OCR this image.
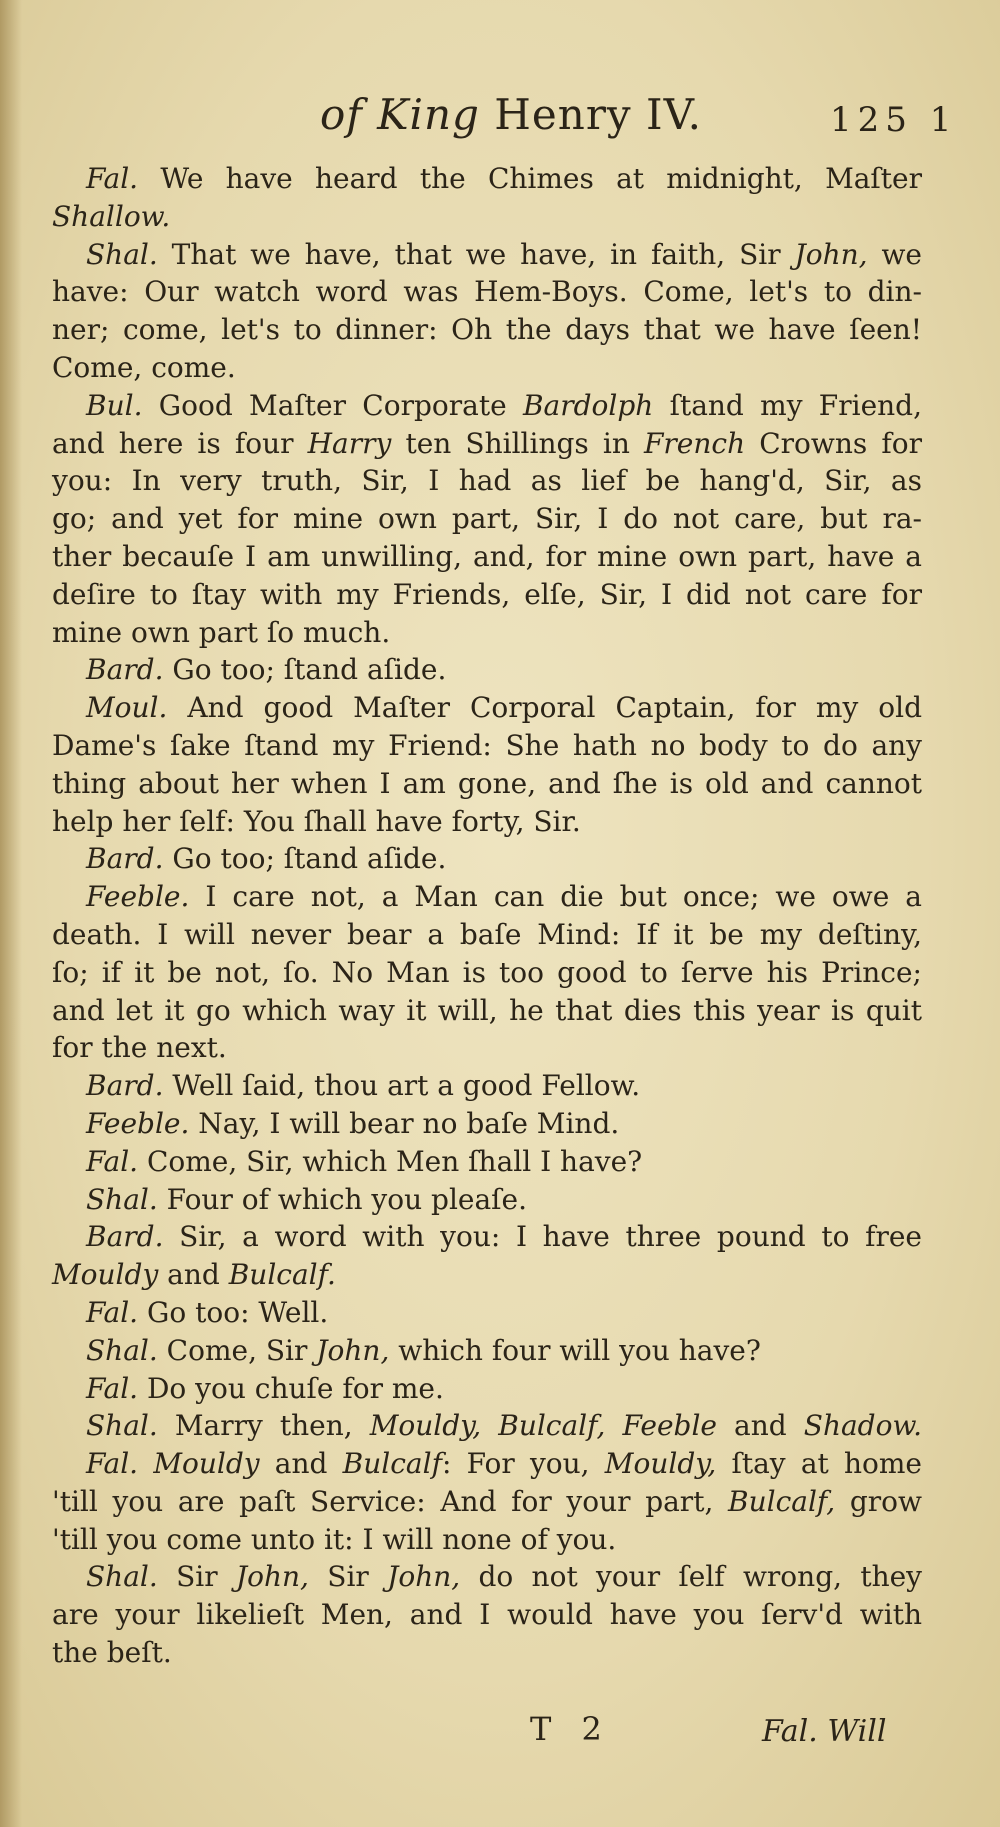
of King Henry IV.	125 1
Fal. We have heard the Chimes at midnight, Maſter
Shallow.
Shal. That we have, that we have, in faith, Sir John, we
have: Our watch word was Hem-Boys. Come, let's to din-
ner; come, let's to dinner: Oh the days that we have ſeen!
Come, come.
Bul. Good Maſter Corporate Bardolph ſtand my Friend,
and here is four Harry ten Shillings in French Crowns for
you: In very truth, Sir, I had as lief be hang'd, Sir, as
go; and yet for mine own part, Sir, I do not care, but ra-
ther becauſe I am unwilling, and, for mine own part, have a
deſire to ſtay with my Friends, elſe, Sir, I did not care for
mine own part ſo much.
Bard. Go too; ſtand aſide.
Moul. And good Maſter Corporal Captain, for my old
Dame's ſake ſtand my Friend: She hath no body to do any
thing about her when I am gone, and ſhe is old and cannot
help her ſelf: You ſhall have forty, Sir.
Bard. Go too; ſtand aſide.
Feeble. I care not, a Man can die but once; we owe a
death. I will never bear a baſe Mind: If it be my deſtiny,
ſo; if it be not, ſo. No Man is too good to ſerve his Prince;
and let it go which way it will, he that dies this year is quit
for the next.
Bard. Well ſaid, thou art a good Fellow.
Feeble. Nay, I will bear no baſe Mind.
Fal. Come, Sir, which Men ſhall I have?
Shal. Four of which you pleaſe.
Bard. Sir, a word with you: I have three pound to free
Mouldy and Bulcalf.
Fal. Go too: Well.
Shal. Come, Sir John, which four will you have?
Fal. Do you chuſe for me.
Shal. Marry then, Mouldy, Bulcalf, Feeble and Shadow.
Fal. Mouldy and Bulcalf: For you, Mouldy, ſtay at home
'till you are paſt Service: And for your part, Bulcalf, grow
'till you come unto it: I will none of you.
Shal. Sir John, Sir John, do not your ſelf wrong, they
are your likelieſt Men, and I would have you ſerv'd with
the beſt.
T 2	Fal. Will
